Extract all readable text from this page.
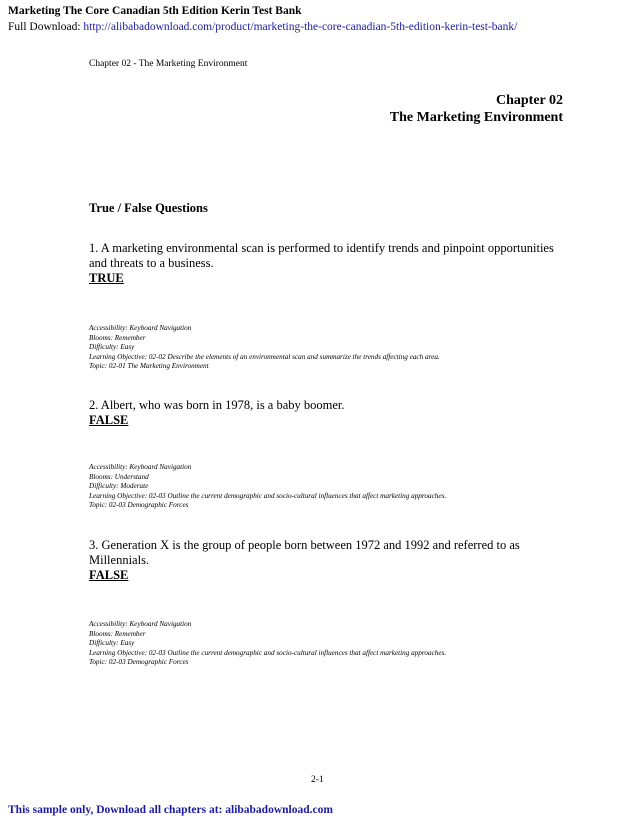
Marketing The Core Canadian 5th Edition Kerin Test Bank
Full Download: http://alibabadownload.com/product/marketing-the-core-canadian-5th-edition-kerin-test-bank/
Chapter 02 - The Marketing Environment
Chapter 02
The Marketing Environment
True / False Questions
1. A marketing environmental scan is performed to identify trends and pinpoint opportunities and threats to a business.
TRUE
Accessibility: Keyboard Navigation
Blooms: Remember
Difficulty: Easy
Learning Objective: 02-02 Describe the elements of an environmental scan and summarize the trends affecting each area.
Topic: 02-01 The Marketing Environment
2. Albert, who was born in 1978, is a baby boomer.
FALSE
Accessibility: Keyboard Navigation
Blooms: Understand
Difficulty: Moderate
Learning Objective: 02-03 Outline the current demographic and socio-cultural influences that affect marketing approaches.
Topic: 02-03 Demographic Forces
3. Generation X is the group of people born between 1972 and 1992 and referred to as Millennials.
FALSE
Accessibility: Keyboard Navigation
Blooms: Remember
Difficulty: Easy
Learning Objective: 02-03 Outline the current demographic and socio-cultural influences that affect marketing approaches.
Topic: 02-03 Demographic Forces
2-1
This sample only, Download all chapters at: alibabadownload.com
